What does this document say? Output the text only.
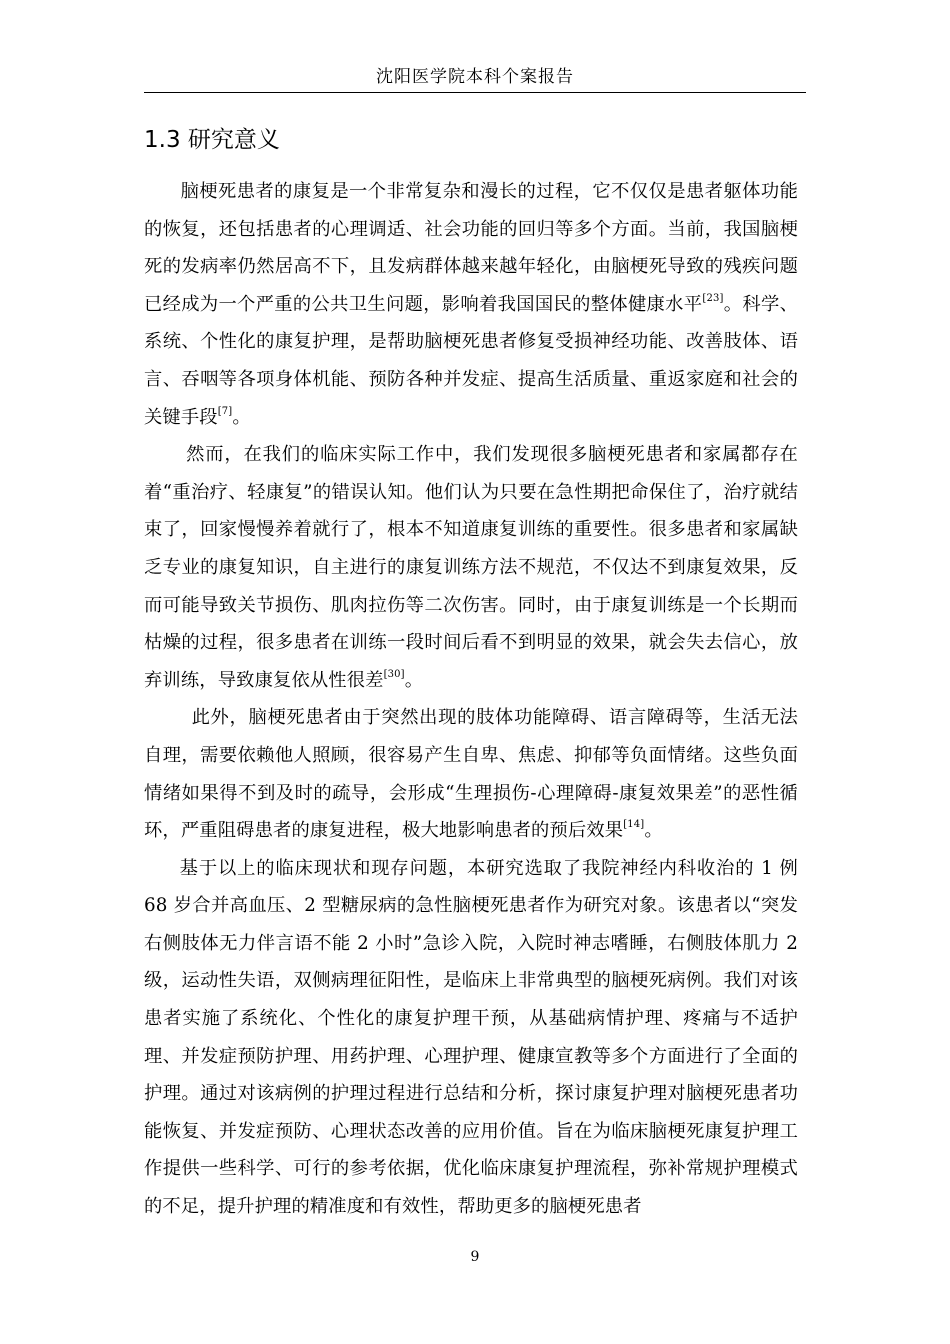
沈阳医学院本科个案报告
1.3 研究意义

脑梗死患者的康复是一个非常复杂和漫长的过程，它不仅仅是患者躯体功能的恢复，还包括患者的心理调适、社会功能的回归等多个方面。当前，我国脑梗死的发病率仍然居高不下，且发病群体越来越年轻化，由脑梗死导致的残疾问题已经成为一个严重的公共卫生问题，影响着我国国民的整体健康水平[23]。科学、系统、个性化的康复护理，是帮助脑梗死患者修复受损神经功能、改善肢体、语言、吞咽等各项身体机能、预防各种并发症、提高生活质量、重返家庭和社会的关键手段[7]。

然而，在我们的临床实际工作中，我们发现很多脑梗死患者和家属都存在着“重治疗、轻康复”的错误认知。他们认为只要在急性期把命保住了，治疗就结束了，回家慢慢养着就行了，根本不知道康复训练的重要性。很多患者和家属缺乏专业的康复知识，自主进行的康复训练方法不规范，不仅达不到康复效果，反而可能导致关节损伤、肌肉拉伤等二次伤害。同时，由于康复训练是一个长期而枯燥的过程，很多患者在训练一段时间后看不到明显的效果，就会失去信心，放弃训练，导致康复依从性很差[30]。

此外，脑梗死患者由于突然出现的肢体功能障碍、语言障碍等，生活无法自理，需要依赖他人照顾，很容易产生自卑、焦虑、抑郁等负面情绪。这些负面情绪如果得不到及时的疏导，会形成“生理损伤-心理障碍-康复效果差”的恶性循环，严重阻碍患者的康复进程，极大地影响患者的预后效果[14]。

基于以上的临床现状和现存问题，本研究选取了我院神经内科收治的 1 例 68 岁合并高血压、2 型糖尿病的急性脑梗死患者作为研究对象。该患者以“突发右侧肢体无力伴言语不能 2 小时”急诊入院，入院时神志嗜睡，右侧肢体肌力 2 级，运动性失语，双侧病理征阳性，是临床上非常典型的脑梗死病例。我们对该患者实施了系统化、个性化的康复护理干预，从基础病情护理、疼痛与不适护理、并发症预防护理、用药护理、心理护理、健康宣教等多个方面进行了全面的护理。通过对该病例的护理过程进行总结和分析，探讨康复护理对脑梗死患者功能恢复、并发症预防、心理状态改善的应用价值。旨在为临床脑梗死康复护理工作提供一些科学、可行的参考依据，优化临床康复护理流程，弥补常规护理模式的不足，提升护理的精准度和有效性，帮助更多的脑梗死患者

9
